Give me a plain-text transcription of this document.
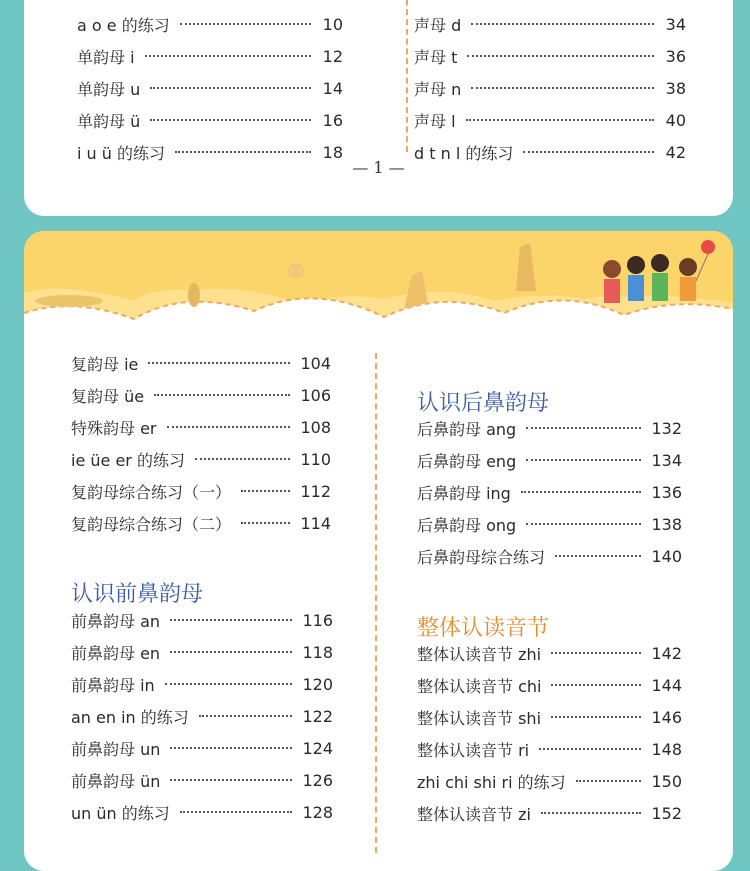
a o e 的练习	10
单韵母 i	12
单韵母 u	14
单韵母 ü	16
i u ü 的练习	18
声母 d	34
声母 t	36
声母 n	38
声母 l	40
d t n l 的练习	42
— 1 —
复韵母 ie	104
复韵母 üe	106
特殊韵母 er	108
ie üe er 的练习	110
复韵母综合练习（一）	112
复韵母综合练习（二）	114
认识前鼻韵母
前鼻韵母 an	116
前鼻韵母 en	118
前鼻韵母 in	120
an en in 的练习	122
前鼻韵母 un	124
前鼻韵母 ün	126
un ün 的练习	128
认识后鼻韵母
后鼻韵母 ang	132
后鼻韵母 eng	134
后鼻韵母 ing	136
后鼻韵母 ong	138
后鼻韵母综合练习	140
整体认读音节
整体认读音节 zhi	142
整体认读音节 chi	144
整体认读音节 shi	146
整体认读音节 ri	148
zhi chi shi ri 的练习	150
整体认读音节 zi	152
